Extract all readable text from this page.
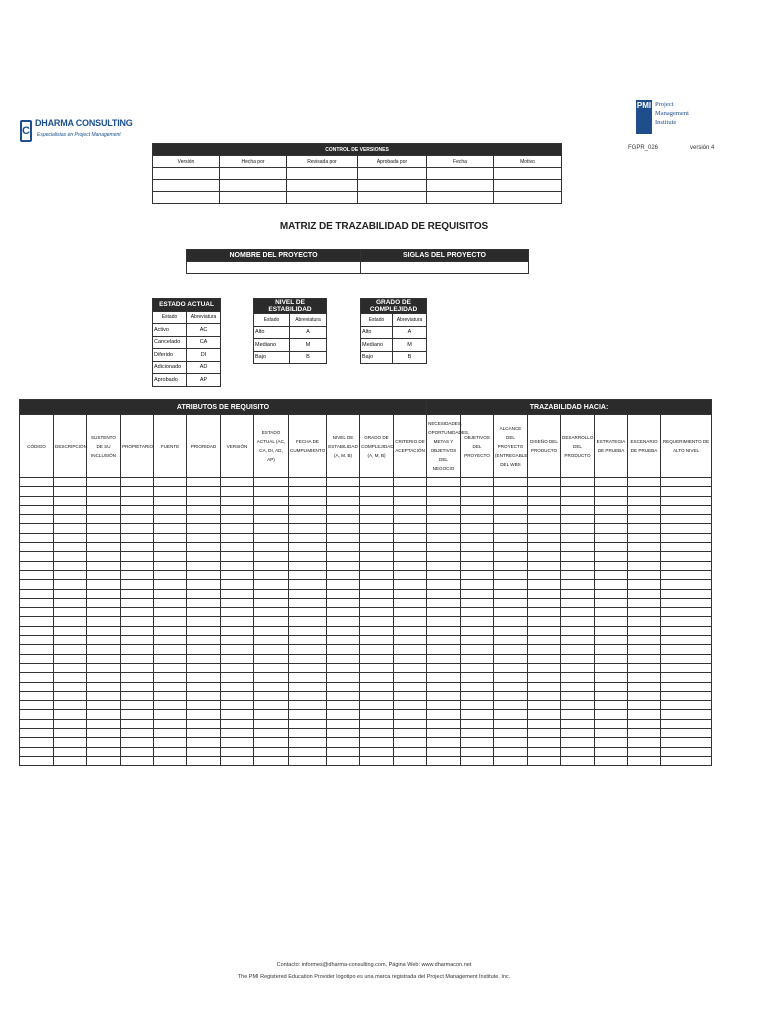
C
DHARMA CONSULTING
Especialistas en Project Management
PMI Project
Management
Institute
FGPR_026	versión 4
CONTROL DE VERSIONES					
Versión	Hecha por	Revisada por	Aprobada por	Fecha	Motivo

MATRIZ DE TRAZABILIDAD DE REQUISITOS
NOMBRE DEL PROYECTO	SIGLAS DEL PROYECTO

ESTADO ACTUAL	
Estado	Abreviatura
Activo	AC
Cancelado	CA
Diferido	DI
Adicionado	AD
Aprobado	AP
NIVEL DE ESTABILIDAD	
Estado	Abreviatura
Alto	A
Mediano	M
Bajo	B
GRADO DE COMPLEJIDAD	
Estado	Abreviatura
Alto	A
Mediano	M
Bajo	B
ATRIBUTOS DE REQUISITO												TRAZABILIDAD HACIA:							
CÓDIGO	DESCRIPCIÓN	SUSTENTO DE SU INCLUSIÓN	PROPIETARIO	FUENTE	PRIORIDAD	VERSIÓN	ESTADO ACTUAL (AC, CA, DI, AD, AP)	FECHA DE CUMPLIMIENTO	NIVEL DE ESTABILIDAD (A, M, B)	GRADO DE COMPLEJIDAD (A, M, B)	CRITERIO DE ACEPTACIÓN	NECESIDADES, OPORTUNIDADES, METAS Y OBJETIVOS DEL NEGOCIO	OBJETIVOS DEL PROYECTO	ALCANCE DEL PROYECTO (ENTREGABLE DEL WBS	DISEÑO DEL PRODUCTO	DESARROLLO DEL PRODUCTO	ESTRATEGIA DE PRUEBA	ESCENARIO DE PRUEBA	REQUERIMIENTO DE ALTO NIVEL

Contacto: informes@dharma-consulting.com, Página Web: www.dharmacon.net
The PMI Registered Education Provider logotipo es una marca registrada del Project Management Institute, Inc.
